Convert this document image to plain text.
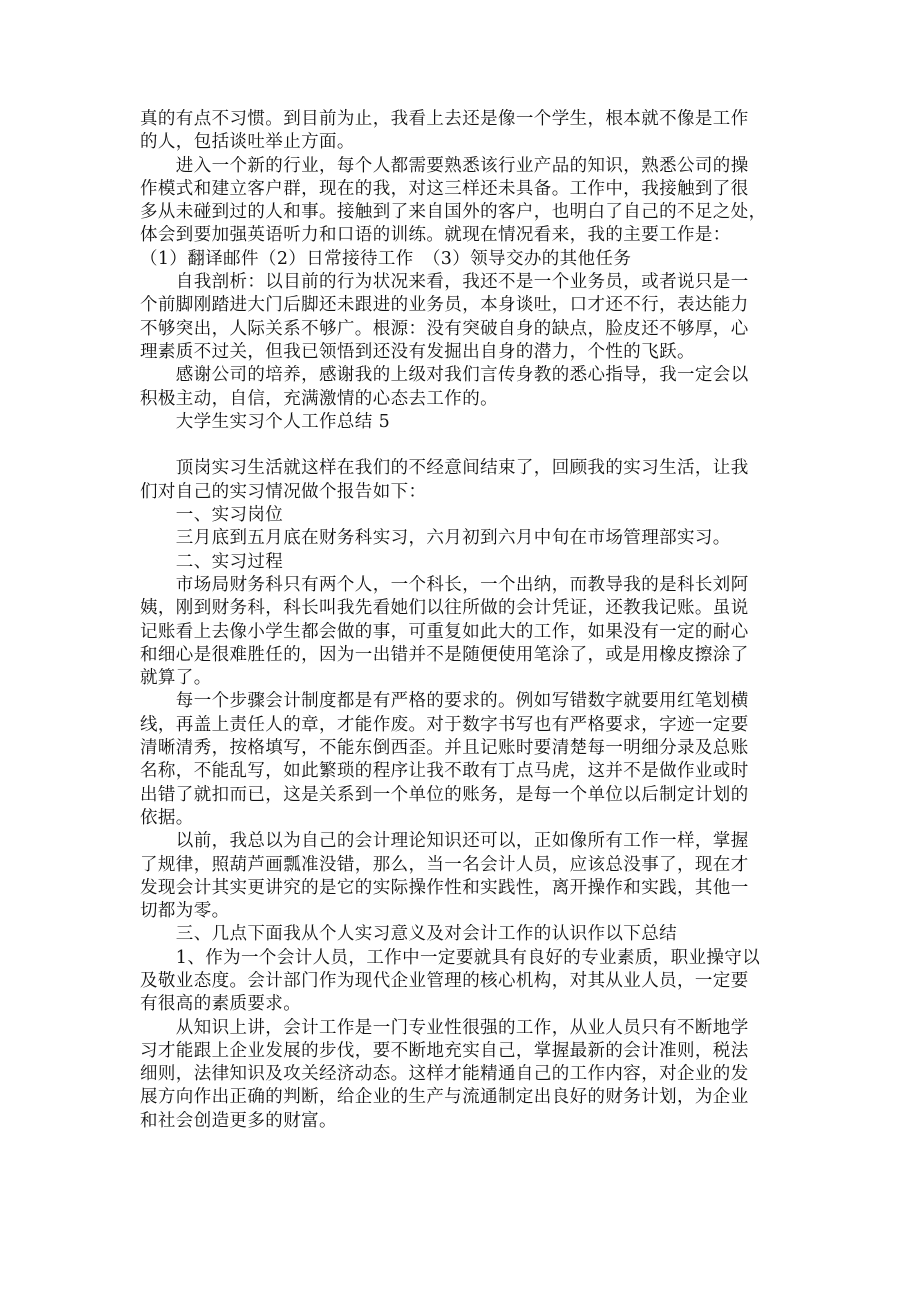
真的有点不习惯。到目前为止，我看上去还是像一个学生，根本就不像是工作
的人，包括谈吐举止方面。
　　进入一个新的行业，每个人都需要熟悉该行业产品的知识，熟悉公司的操
作模式和建立客户群，现在的我，对这三样还未具备。工作中，我接触到了很
多从未碰到过的人和事。接触到了来自国外的客户，也明白了自己的不足之处，
体会到要加强英语听力和口语的训练。就现在情况看来，我的主要工作是：
（1）翻译邮件（2）日常接待工作　（3）领导交办的其他任务
　　自我剖析：以目前的行为状况来看，我还不是一个业务员，或者说只是一
个前脚刚踏进大门后脚还未跟进的业务员，本身谈吐，口才还不行，表达能力
不够突出，人际关系不够广。根源：没有突破自身的缺点，脸皮还不够厚，心
理素质不过关，但我已领悟到还没有发掘出自身的潜力，个性的飞跃。
　　感谢公司的培养，感谢我的上级对我们言传身教的悉心指导，我一定会以
积极主动，自信，充满激情的心态去工作的。
　　大学生实习个人工作总结 5
　　顶岗实习生活就这样在我们的不经意间结束了，回顾我的实习生活，让我
们对自己的实习情况做个报告如下：
　　一、实习岗位
　　三月底到五月底在财务科实习，六月初到六月中旬在市场管理部实习。
　　二、实习过程
　　市场局财务科只有两个人，一个科长，一个出纳，而教导我的是科长刘阿
姨，刚到财务科，科长叫我先看她们以往所做的会计凭证，还教我记账。虽说
记账看上去像小学生都会做的事，可重复如此大的工作，如果没有一定的耐心
和细心是很难胜任的，因为一出错并不是随便使用笔涂了，或是用橡皮擦涂了
就算了。
　　每一个步骤会计制度都是有严格的要求的。例如写错数字就要用红笔划横
线，再盖上责任人的章，才能作废。对于数字书写也有严格要求，字迹一定要
清晰清秀，按格填写，不能东倒西歪。并且记账时要清楚每一明细分录及总账
名称，不能乱写，如此繁琐的程序让我不敢有丁点马虎，这并不是做作业或时
出错了就扣而已，这是关系到一个单位的账务，是每一个单位以后制定计划的
依据。
　　以前，我总以为自己的会计理论知识还可以，正如像所有工作一样，掌握
了规律，照葫芦画瓢准没错，那么，当一名会计人员，应该总没事了，现在才
发现会计其实更讲究的是它的实际操作性和实践性，离开操作和实践，其他一
切都为零。
　　三、几点下面我从个人实习意义及对会计工作的认识作以下总结
　　1、作为一个会计人员，工作中一定要就具有良好的专业素质，职业操守以
及敬业态度。会计部门作为现代企业管理的核心机构，对其从业人员，一定要
有很高的素质要求。
　　从知识上讲，会计工作是一门专业性很强的工作，从业人员只有不断地学
习才能跟上企业发展的步伐，要不断地充实自己，掌握最新的会计准则，税法
细则，法律知识及攻关经济动态。这样才能精通自己的工作内容，对企业的发
展方向作出正确的判断，给企业的生产与流通制定出良好的财务计划，为企业
和社会创造更多的财富。
